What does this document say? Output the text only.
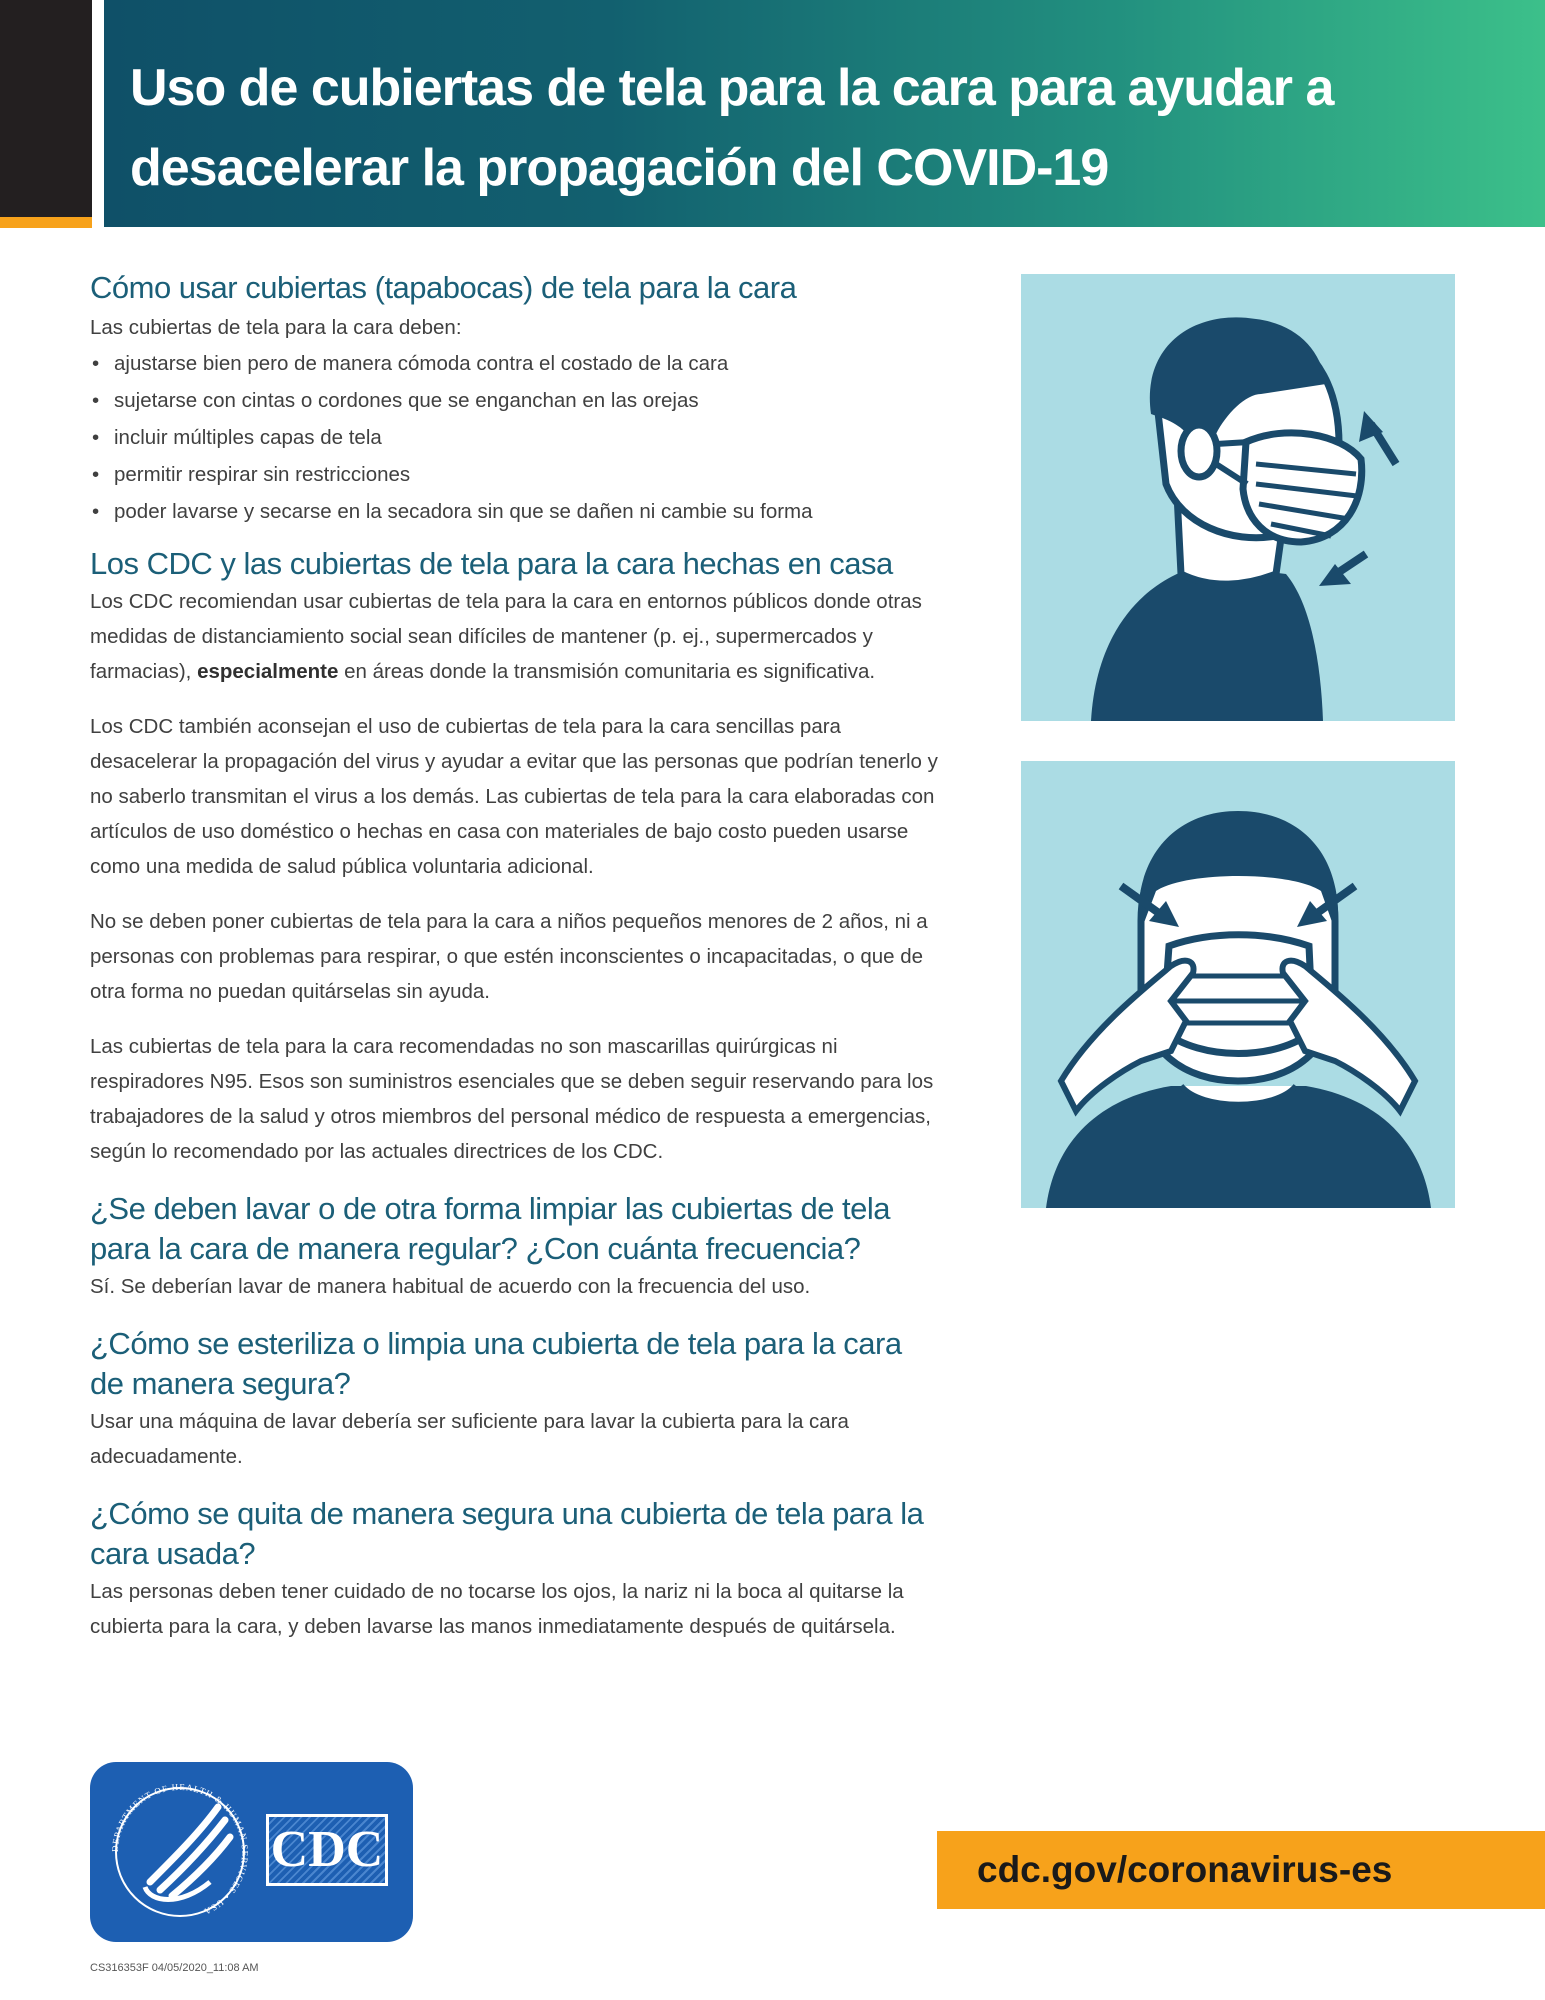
Uso de cubiertas de tela para la cara para ayudar a
desacelerar la propagación del COVID-19
Cómo usar cubiertas (tapabocas) de tela para la cara

Las cubiertas de tela para la cara deben:

• ajustarse bien pero de manera cómoda contra el costado de la cara
• sujetarse con cintas o cordones que se enganchan en las orejas
• incluir múltiples capas de tela
• permitir respirar sin restricciones
• poder lavarse y secarse en la secadora sin que se dañen ni cambie su forma
Los CDC y las cubiertas de tela para la cara hechas en casa

Los CDC recomiendan usar cubiertas de tela para la cara en entornos públicos donde otras medidas de distanciamiento social sean difíciles de mantener (p. ej., supermercados y farmacias), especialmente en áreas donde la transmisión comunitaria es significativa.

Los CDC también aconsejan el uso de cubiertas de tela para la cara sencillas para desacelerar la propagación del virus y ayudar a evitar que las personas que podrían tenerlo y no saberlo transmitan el virus a los demás. Las cubiertas de tela para la cara elaboradas con artículos de uso doméstico o hechas en casa con materiales de bajo costo pueden usarse como una medida de salud pública voluntaria adicional.

No se deben poner cubiertas de tela para la cara a niños pequeños menores de 2 años, ni a personas con problemas para respirar, o que estén inconscientes o incapacitadas, o que de otra forma no puedan quitárselas sin ayuda.

Las cubiertas de tela para la cara recomendadas no son mascarillas quirúrgicas ni respiradores N95. Esos son suministros esenciales que se deben seguir reservando para los trabajadores de la salud y otros miembros del personal médico de respuesta a emergencias, según lo recomendado por las actuales directrices de los CDC.

¿Se deben lavar o de otra forma limpiar las cubiertas de tela para la cara de manera regular? ¿Con cuánta frecuencia?

Sí. Se deberían lavar de manera habitual de acuerdo con la frecuencia del uso.

¿Cómo se esteriliza o limpia una cubierta de tela para la cara de manera segura?

Usar una máquina de lavar debería ser suficiente para lavar la cubierta para la cara adecuadamente.

¿Cómo se quita de manera segura una cubierta de tela para la cara usada?

Las personas deben tener cuidado de no tocarse los ojos, la nariz ni la boca al quitarse la cubierta para la cara, y deben lavarse las manos inmediatamente después de quitársela.

DEPARTMENT OF HEALTH & HUMAN SERVICES • USA
CDC	cdc.gov/coronavirus-es
CS316353F 04/05/2020_11:08 AM
